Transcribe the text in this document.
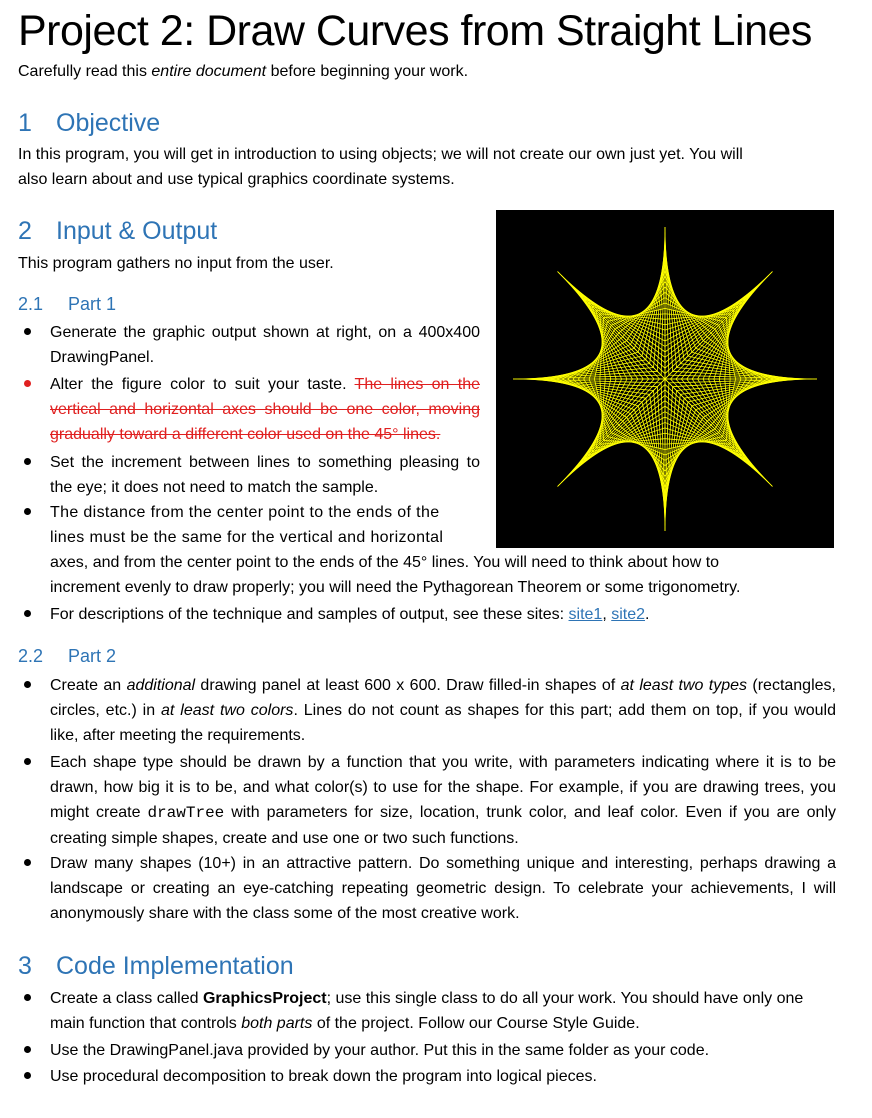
Project 2: Draw Curves from Straight Lines
Carefully read this entire document before beginning your work.
1 Objective
In this program, you will get in introduction to using objects; we will not create our own just yet. You will
also learn about and use typical graphics coordinate systems.
2 Input & Output
This program gathers no input from the user.
2.1 Part 1
Generate the graphic output shown at right, on a 400x400 DrawingPanel.
Alter the figure color to suit your taste. The lines on the vertical and horizontal axes should be one color, moving gradually toward a different color used on the 45° lines.
Set the increment between lines to something pleasing to the eye; it does not need to match the sample.
The distance from the center point to the ends of the
lines must be the same for the vertical and horizontal
axes, and from the center point to the ends of the 45° lines. You will need to think about how to
increment evenly to draw properly; you will need the Pythagorean Theorem or some trigonometry.
For descriptions of the technique and samples of output, see these sites: site1, site2.
2.2 Part 2
Create an additional drawing panel at least 600 x 600. Draw filled-in shapes of at least two types (rectangles, circles, etc.) in at least two colors. Lines do not count as shapes for this part; add them on top, if you would like, after meeting the requirements.
Each shape type should be drawn by a function that you write, with parameters indicating where it is to be drawn, how big it is to be, and what color(s) to use for the shape. For example, if you are drawing trees, you might create drawTree with parameters for size, location, trunk color, and leaf color. Even if you are only creating simple shapes, create and use one or two such functions.
Draw many shapes (10+) in an attractive pattern. Do something unique and interesting, perhaps drawing a landscape or creating an eye-catching repeating geometric design. To celebrate your achievements, I will anonymously share with the class some of the most creative work.
3 Code Implementation
Create a class called GraphicsProject; use this single class to do all your work. You should have only one main function that controls both parts of the project. Follow our Course Style Guide.
Use the DrawingPanel.java provided by your author. Put this in the same folder as your code.
Use procedural decomposition to break down the program into logical pieces.
